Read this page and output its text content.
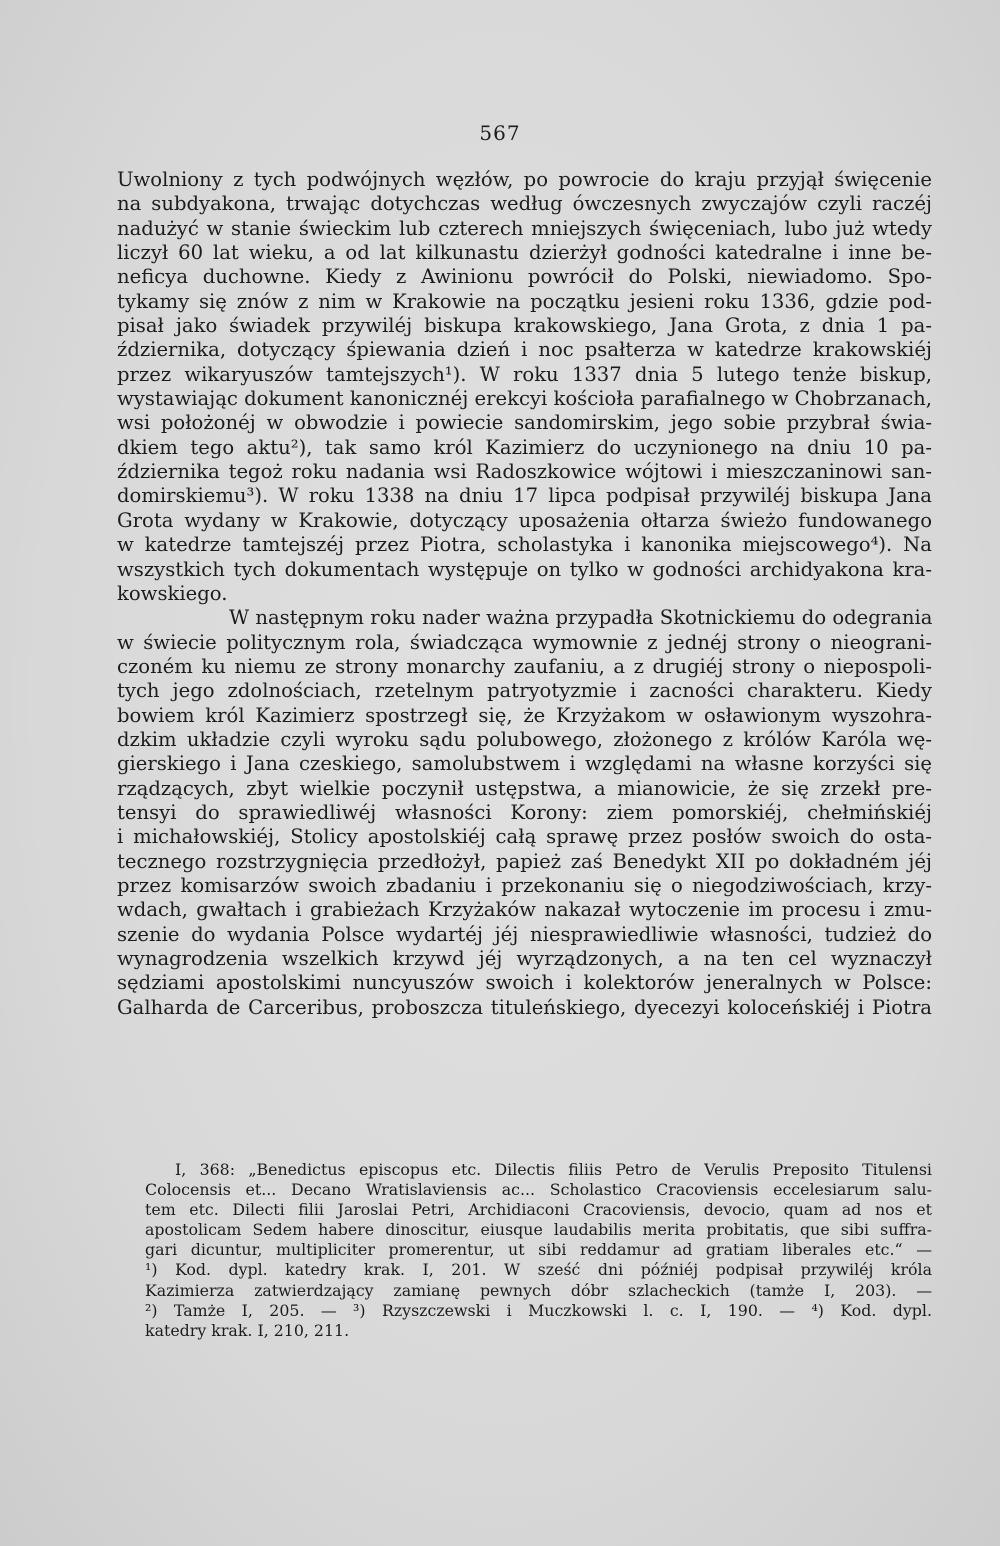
567
Uwolniony z tych podwójnych węzłów, po powrocie do kraju przyjął święcenie
na subdyakona, trwając dotychczas według ówczesnych zwyczajów czyli raczéj
nadużyć w stanie świeckim lub czterech mniejszych święceniach, lubo już wtedy
liczył 60 lat wieku, a od lat kilkunastu dzierżył godności katedralne i inne be-
neficya duchowne. Kiedy z Awinionu powrócił do Polski, niewiadomo. Spo-
tykamy się znów z nim w Krakowie na początku jesieni roku 1336, gdzie pod-
pisał jako świadek przywiléj biskupa krakowskiego, Jana Grota, z dnia 1 pa-
ździernika, dotyczący śpiewania dzień i noc psałterza w katedrze krakowskiéj
przez wikaryuszów tamtejszych¹). W roku 1337 dnia 5 lutego tenże biskup,
wystawiając dokument kanonicznéj erekcyi kościoła parafialnego w Chobrzanach,
wsi położonéj w obwodzie i powiecie sandomirskim, jego sobie przybrał świa-
dkiem tego aktu²), tak samo król Kazimierz do uczynionego na dniu 10 pa-
ździernika tegoż roku nadania wsi Radoszkowice wójtowi i mieszczaninowi san-
domirskiemu³). W roku 1338 na dniu 17 lipca podpisał przywiléj biskupa Jana
Grota wydany w Krakowie, dotyczący uposażenia ołtarza świeżo fundowanego
w katedrze tamtejszéj przez Piotra, scholastyka i kanonika miejscowego⁴). Na
wszystkich tych dokumentach występuje on tylko w godności archidyakona kra-
kowskiego.
W następnym roku nader ważna przypadła Skotnickiemu do odegrania
w świecie politycznym rola, świadcząca wymownie z jednéj strony o nieograni-
czoném ku niemu ze strony monarchy zaufaniu, a z drugiéj strony o niepospoli-
tych jego zdolnościach, rzetelnym patryotyzmie i zacności charakteru. Kiedy
bowiem król Kazimierz spostrzegł się, że Krzyżakom w osławionym wyszohra-
dzkim układzie czyli wyroku sądu polubowego, złożonego z królów Karóla wę-
gierskiego i Jana czeskiego, samolubstwem i względami na własne korzyści się
rządzących, zbyt wielkie poczynił ustępstwa, a mianowicie, że się zrzekł pre-
tensyi do sprawiedliwéj własności Korony: ziem pomorskiéj, chełmińskiéj
i michałowskiéj, Stolicy apostolskiéj całą sprawę przez posłów swoich do osta-
tecznego rozstrzygnięcia przedłożył, papież zaś Benedykt XII po dokładném jéj
przez komisarzów swoich zbadaniu i przekonaniu się o niegodziwościach, krzy-
wdach, gwałtach i grabieżach Krzyżaków nakazał wytoczenie im procesu i zmu-
szenie do wydania Polsce wydartéj jéj niesprawiedliwie własności, tudzież do
wynagrodzenia wszelkich krzywd jéj wyrządzonych, a na ten cel wyznaczył
sędziami apostolskimi nuncyuszów swoich i kolektorów jeneralnych w Polsce:
Galharda de Carceribus, proboszcza tituleńskiego, dyecezyi koloceńskiéj i Piotra
I, 368: „Benedictus episcopus etc. Dilectis filiis Petro de Verulis Preposito Titulensi
Colocensis et... Decano Wratislaviensis ac... Scholastico Cracoviensis eccelesiarum salu-
tem etc. Dilecti filii Jaroslai Petri, Archidiaconi Cracoviensis, devocio, quam ad nos et
apostolicam Sedem habere dinoscitur, eiusque laudabilis merita probitatis, que sibi suffra-
gari dicuntur, multipliciter promerentur, ut sibi reddamur ad gratiam liberales etc.“ —
¹) Kod. dypl. katedry krak. I, 201. W sześć dni późniéj podpisał przywiléj króla
Kazimierza zatwierdzający zamianę pewnych dóbr szlacheckich (tamże I, 203). —
²) Tamże I, 205. — ³) Rzyszczewski i Muczkowski l. c. I, 190. — ⁴) Kod. dypl.
katedry krak. I, 210, 211.
